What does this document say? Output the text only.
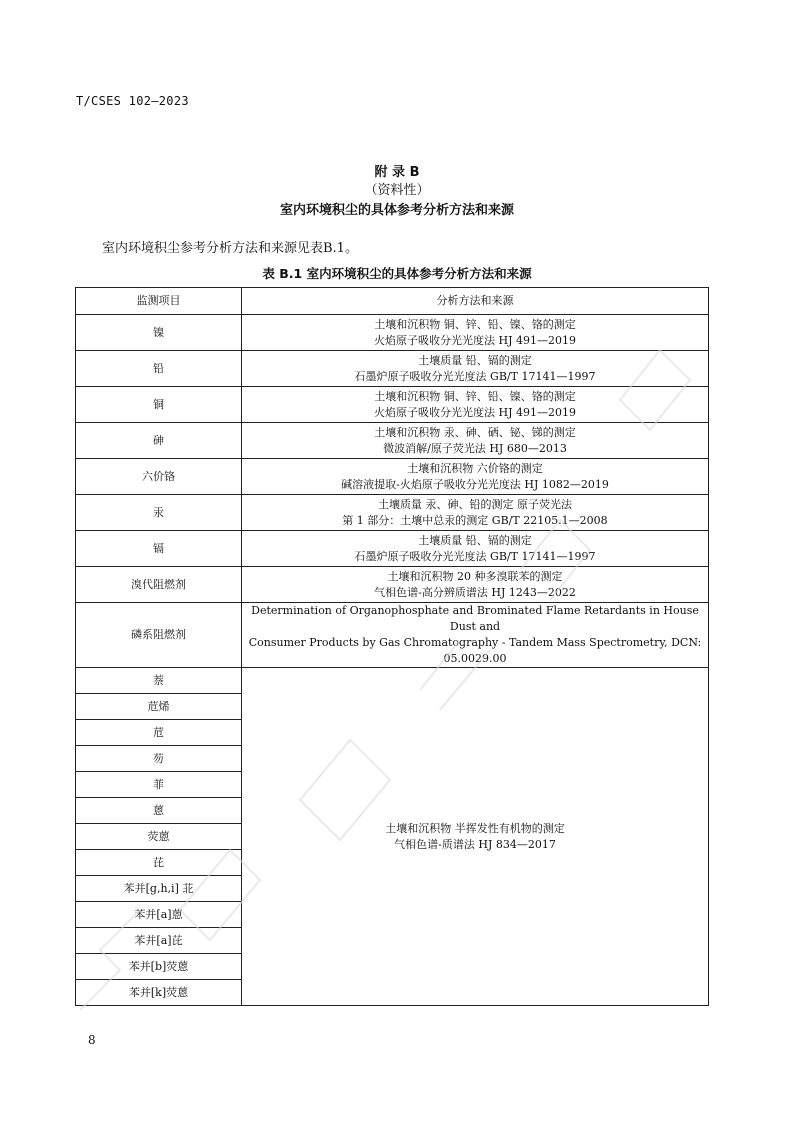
T/CSES 102—2023
附 录 B
（资料性）
室内环境积尘的具体参考分析方法和来源
室内环境积尘参考分析方法和来源见表B.1。
表 B.1 室内环境积尘的具体参考分析方法和来源
监测项目	分析方法和来源
镍	土壤和沉积物 铜、锌、铅、镍、铬的测定
火焰原子吸收分光光度法 HJ 491—2019

铅	土壤质量 铅、镉的测定
石墨炉原子吸收分光光度法 GB/T 17141—1997

铜	土壤和沉积物 铜、锌、铅、镍、铬的测定
火焰原子吸收分光光度法 HJ 491—2019

砷	土壤和沉积物 汞、砷、硒、铋、锑的测定
微波消解/原子荧光法 HJ 680—2013

六价铬	土壤和沉积物 六价铬的测定
碱溶液提取-火焰原子吸收分光光度法 HJ 1082—2019

汞	土壤质量 汞、砷、铅的测定 原子荧光法
第 1 部分：土壤中总汞的测定 GB/T 22105.1—2008

镉	土壤质量 铅、镉的测定
石墨炉原子吸收分光光度法 GB/T 17141—1997

溴代阻燃剂	土壤和沉积物 20 种多溴联苯的测定
气相色谱-高分辨质谱法 HJ 1243—2022

磷系阻燃剂	Determination of Organophosphate and Brominated Flame Retardants in House Dust and
Consumer Products by Gas Chromatography - Tandem Mass Spectrometry, DCN:
05.0029.00

萘	土壤和沉积物 半挥发性有机物的测定
气相色谱-质谱法 HJ 834—2017

苊烯	
苊	
芴	
菲	
蒽	
荧蒽	
芘	
苯并[g,h,i] 苝	
苯并[a]蒽	
苯并[a]芘	
苯并[b]荧蒽	
苯并[k]荧蒽	
8
